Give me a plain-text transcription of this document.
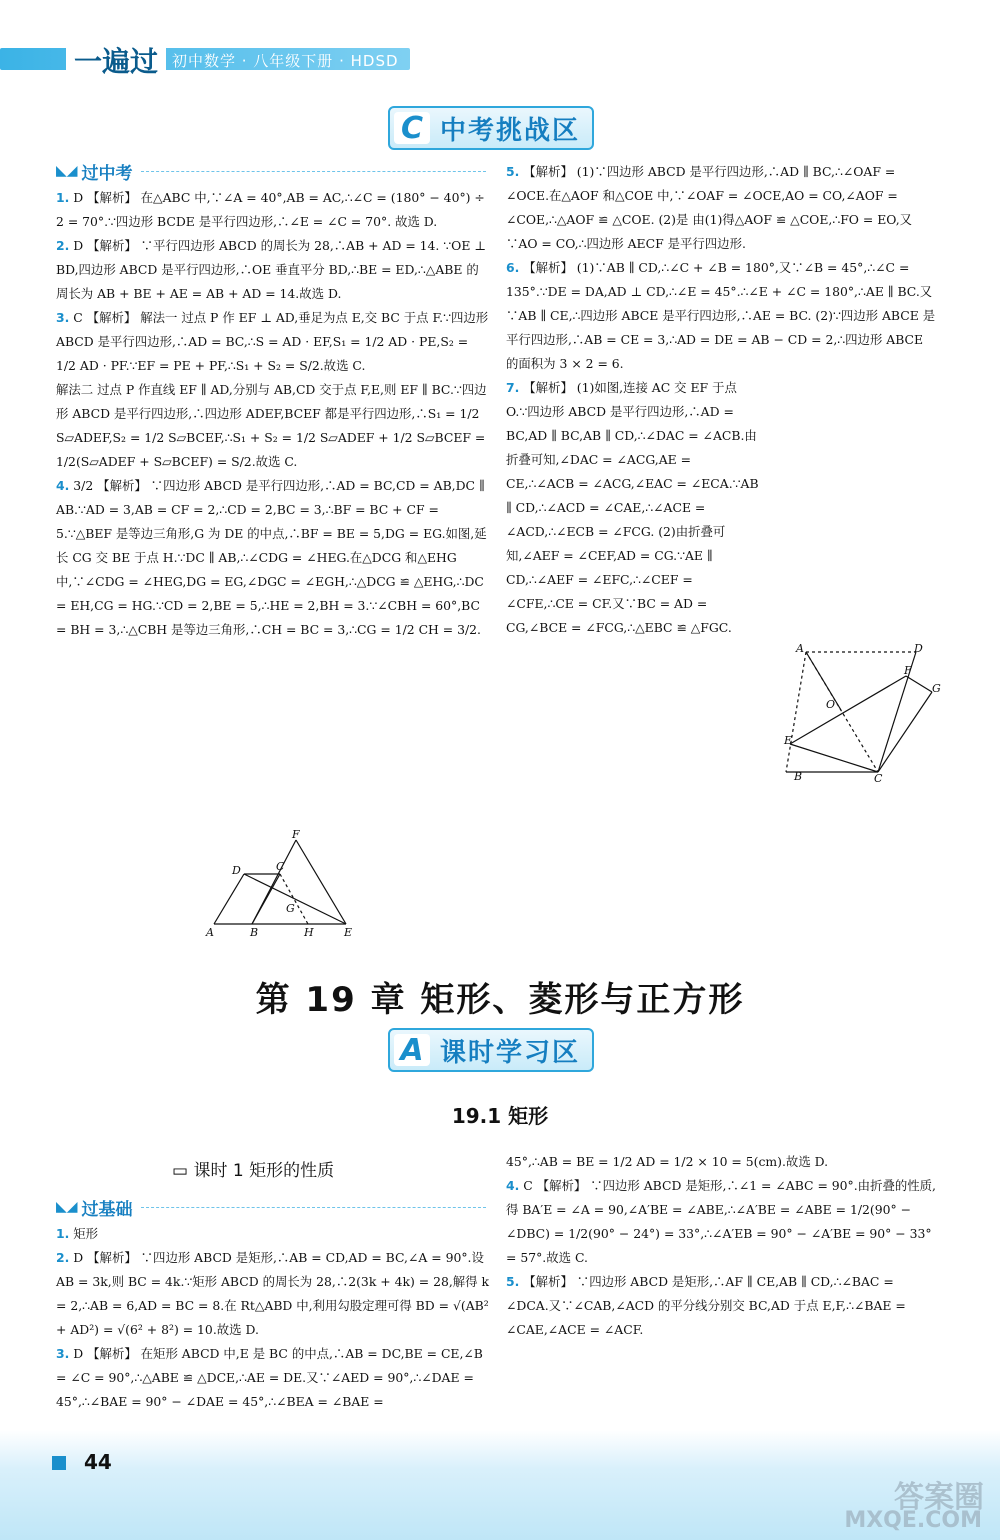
一遍过 初中数学 · 八年级下册 · HDSD
C 中考挑战区
◣◢ 过中考

1. D 【解析】 在△ABC 中,∵∠A = 40°,AB = AC,∴∠C = (180° − 40°) ÷ 2 = 70°.∵四边形 BCDE 是平行四边形,∴∠E = ∠C = 70°. 故选 D.

2. D 【解析】 ∵平行四边形 ABCD 的周长为 28,∴AB + AD = 14. ∵OE ⊥ BD,四边形 ABCD 是平行四边形,∴OE 垂直平分 BD,∴BE = ED,∴△ABE 的周长为 AB + BE + AE = AB + AD = 14.故选 D.

3. C 【解析】 解法一 过点 P 作 EF ⊥ AD,垂足为点 E,交 BC 于点 F.∵四边形 ABCD 是平行四边形,∴AD = BC,∴S = AD · EF,S₁ = 1/2 AD · PE,S₂ = 1/2 AD · PF.∵EF = PE + PF,∴S₁ + S₂ = S/2.故选 C.

解法二 过点 P 作直线 EF ∥ AD,分别与 AB,CD 交于点 F,E,则 EF ∥ BC.∵四边形 ABCD 是平行四边形,∴四边形 ADEF,BCEF 都是平行四边形,∴S₁ = 1/2 S▱ADEF,S₂ = 1/2 S▱BCEF,∴S₁ + S₂ = 1/2 S▱ADEF + 1/2 S▱BCEF = 1/2(S▱ADEF + S▱BCEF) = S/2.故选 C.

4. 3/2 【解析】 ∵四边形 ABCD 是平行四边形,∴AD = BC,CD = AB,DC ∥ AB.∵AD = 3,AB = CF = 2,∴CD = 2,BC = 3,∴BF = BC + CF = 5.∵△BEF 是等边三角形,G 为 DE 的中点,∴BF = BE = 5,DG = EG.如图,延长 CG 交 BE 于点 H.∵DC ∥ AB,∴∠CDG = ∠HEG.在△DCG 和△EHG 中,∵∠CDG = ∠HEG,DG = EG,∠DGC = ∠EGH,∴△DCG ≌ △EHG,∴DC = EH,CG = HG.∵CD = 2,BE = 5,∴HE = 2,BH = 3.∵∠CBH = 60°,BC = BH = 3,∴△CBH 是等边三角形,∴CH = BC = 3,∴CG = 1/2 CH = 3/2.

F
D	C
G
A	B	H	E

5. 【解析】 (1)∵四边形 ABCD 是平行四边形,∴AD ∥ BC,∴∠OAF = ∠OCE.在△AOF 和△COE 中,∵∠OAF = ∠OCE,AO = CO,∠AOF = ∠COE,∴△AOF ≌ △COE. (2)是 由(1)得△AOF ≌ △COE,∴FO = EO,又∵AO = CO,∴四边形 AECF 是平行四边形.

6. 【解析】 (1)∵AB ∥ CD,∴∠C + ∠B = 180°,又∵∠B = 45°,∴∠C = 135°.∵DE = DA,AD ⊥ CD,∴∠E = 45°.∴∠E + ∠C = 180°,∴AE ∥ BC.又∵AB ∥ CE,∴四边形 ABCE 是平行四边形,∴AE = BC. (2)∵四边形 ABCE 是平行四边形,∴AB = CE = 3,∴AD = DE = AB − CD = 2,∴四边形 ABCE 的面积为 3 × 2 = 6.

7. 【解析】 (1)如图,连接 AC 交 EF 于点 O.∵四边形 ABCD 是平行四边形,∴AD = BC,AD ∥ BC,AB ∥ CD,∴∠DAC = ∠ACB.由折叠可知,∠DAC = ∠ACG,AE = CE,∴∠ACB = ∠ACG,∠EAC = ∠ECA.∵AB ∥ CD,∴∠ACD = ∠CAE,∴∠ACE = ∠ACD,∴∠ECB = ∠FCG. (2)由折叠可知,∠AEF = ∠CEF,AD = CG.∵AE ∥ CD,∴∠AEF = ∠EFC,∴∠CEF = ∠CFE,∴CE = CF.又∵BC = AD = CG,∠BCE = ∠FCG,∴△EBC ≌ △FGC.

A	D
F
G
O
E
B	C
第 19 章 矩形、菱形与正方形
A 课时学习区
19.1 矩形
▭ 课时 1 矩形的性质
◣◢ 过基础

1. 矩形

2. D 【解析】 ∵四边形 ABCD 是矩形,∴AB = CD,AD = BC,∠A = 90°.设 AB = 3k,则 BC = 4k.∵矩形 ABCD 的周长为 28,∴2(3k + 4k) = 28,解得 k = 2,∴AB = 6,AD = BC = 8.在 Rt△ABD 中,利用勾股定理可得 BD = √(AB² + AD²) = √(6² + 8²) = 10.故选 D.

3. D 【解析】 在矩形 ABCD 中,E 是 BC 的中点,∴AB = DC,BE = CE,∠B = ∠C = 90°,∴△ABE ≌ △DCE,∴AE = DE.又∵∠AED = 90°,∴∠DAE = 45°,∴∠BAE = 90° − ∠DAE = 45°,∴∠BEA = ∠BAE =

45°,∴AB = BE = 1/2 AD = 1/2 × 10 = 5(cm).故选 D.

4. C 【解析】 ∵四边形 ABCD 是矩形,∴∠1 = ∠ABC = 90°.由折叠的性质,得 BA′E = ∠A = 90,∠A′BE = ∠ABE,∴∠A′BE = ∠ABE = 1/2(90° − ∠DBC) = 1/2(90° − 24°) = 33°,∴∠A′EB = 90° − ∠A′BE = 90° − 33° = 57°.故选 C.

5. 【解析】 ∵四边形 ABCD 是矩形,∴AF ∥ CE,AB ∥ CD,∴∠BAC = ∠DCA.又∵∠CAB,∠ACD 的平分线分别交 BC,AD 于点 E,F,∴∠BAE = ∠CAE,∠ACE = ∠ACF.

44
答案圈
MXQE.COM
